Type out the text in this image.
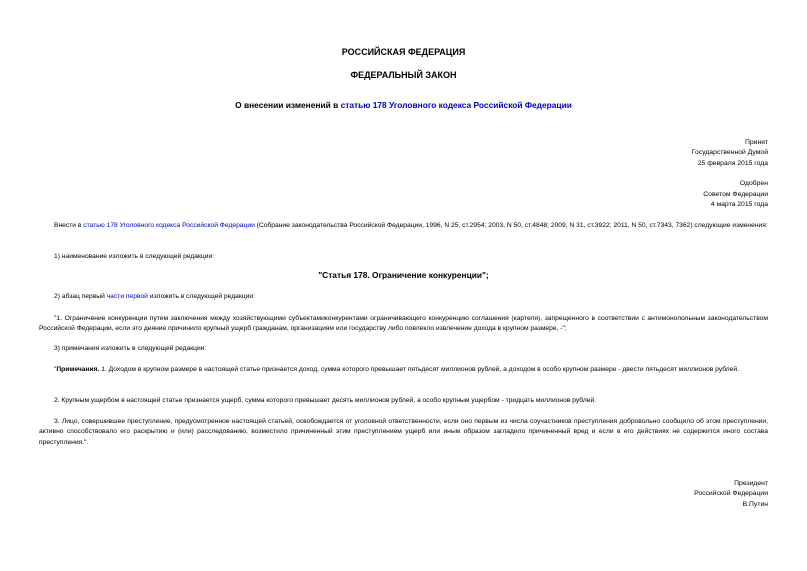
РОССИЙСКАЯ ФЕДЕРАЦИЯ
ФЕДЕРАЛЬНЫЙ ЗАКОН
О внесении изменений в статью 178 Уголовного кодекса Российской Федерации
Принят
Государственной Думой
25 февраля 2015 года
Одобрен
Советом Федерации
4 марта 2015 года
Внести в статью 178 Уголовного кодекса Российской Федерации (Собрание законодательства Российской Федерации, 1996, N 25, ст.2954; 2003, N 50, ст.4848; 2009, N 31, ст.3922; 2011, N 50, ст.7343, 7362) следующие изменения:
1) наименование изложить в следующей редакции:
"Статья 178. Ограничение конкуренции";
2) абзац первый части первой изложить в следующей редакции:
"1. Ограничение конкуренции путем заключения между хозяйствующими субъектамиконкурентами ограничивающего конкуренцию соглашения (картеля), запрещенного в соответствии с антимонопольным законодательством Российской Федерации, если это деяние причинило крупный ущерб гражданам, организациям или государству либо повлекло извлечение дохода в крупном размере, -";
3) примечания изложить в следующей редакции:
"Примечания. 1. Доходом в крупном размере в настоящей статье признается доход, сумма которого превышает пятьдесят миллионов рублей, а доходом в особо крупном размере - двести пятьдесят миллионов рублей.
2. Крупным ущербом в настоящей статье признается ущерб, сумма которого превышает десять миллионов рублей, а особо крупным ущербом - тридцать миллионов рублей.
3. Лицо, совершившее преступление, предусмотренное настоящей статьей, освобождается от уголовной ответственности, если оно первым из числа соучастников преступления добровольно сообщило об этом преступлении, активно способствовало его раскрытию и (или) расследованию, возместило причиненный этим преступлением ущерб или иным образом загладило причиненный вред и если в его действиях не содержится иного состава преступления.".
Президент
Российской Федерации
В.Путин
